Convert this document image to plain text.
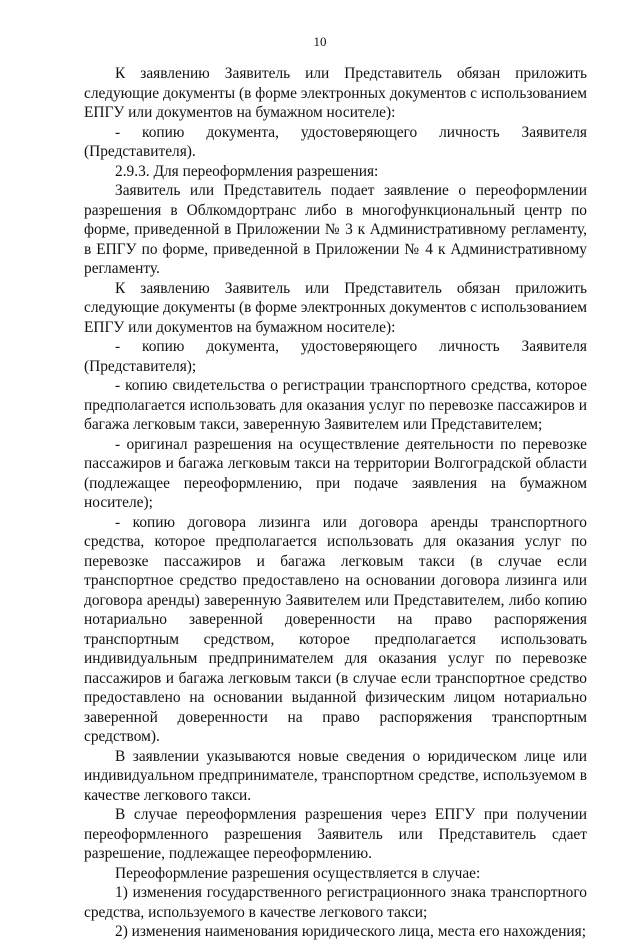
10

К заявлению Заявитель или Представитель обязан приложить следующие документы (в форме электронных документов с использованием ЕПГУ или документов на бумажном носителе):

- копию документа, удостоверяющего личность Заявителя (Представителя).

2.9.3. Для переоформления разрешения:

Заявитель или Представитель подает заявление о переоформлении разрешения в Облкомдортранс либо в многофункциональный центр по форме, приведенной в Приложении № 3 к Административному регламенту, в ЕПГУ по форме, приведенной в Приложении № 4 к Административному регламенту.

К заявлению Заявитель или Представитель обязан приложить следующие документы (в форме электронных документов с использованием ЕПГУ или документов на бумажном носителе):

- копию документа, удостоверяющего личность Заявителя (Представителя);

- копию свидетельства о регистрации транспортного средства, которое предполагается использовать для оказания услуг по перевозке пассажиров и багажа легковым такси, заверенную Заявителем или Представителем;

- оригинал разрешения на осуществление деятельности по перевозке пассажиров и багажа легковым такси на территории Волгоградской области (подлежащее переоформлению, при подаче заявления на бумажном носителе);

- копию договора лизинга или договора аренды транспортного средства, которое предполагается использовать для оказания услуг по перевозке пассажиров и багажа легковым такси (в случае если транспортное средство предоставлено на основании договора лизинга или договора аренды) заверенную Заявителем или Представителем, либо копию нотариально заверенной доверенности на право распоряжения транспортным средством, которое предполагается использовать индивидуальным предпринимателем для оказания услуг по перевозке пассажиров и багажа легковым такси (в случае если транспортное средство предоставлено на основании выданной физическим лицом нотариально заверенной доверенности на право распоряжения транспортным средством).

В заявлении указываются новые сведения о юридическом лице или индивидуальном предпринимателе, транспортном средстве, используемом в качестве легкового такси.

В случае переоформления разрешения через ЕПГУ при получении переоформленного разрешения Заявитель или Представитель сдает разрешение, подлежащее переоформлению.

Переоформление разрешения осуществляется в случае:

1) изменения государственного регистрационного знака транспортного средства, используемого в качестве легкового такси;

2) изменения наименования юридического лица, места его нахождения;
